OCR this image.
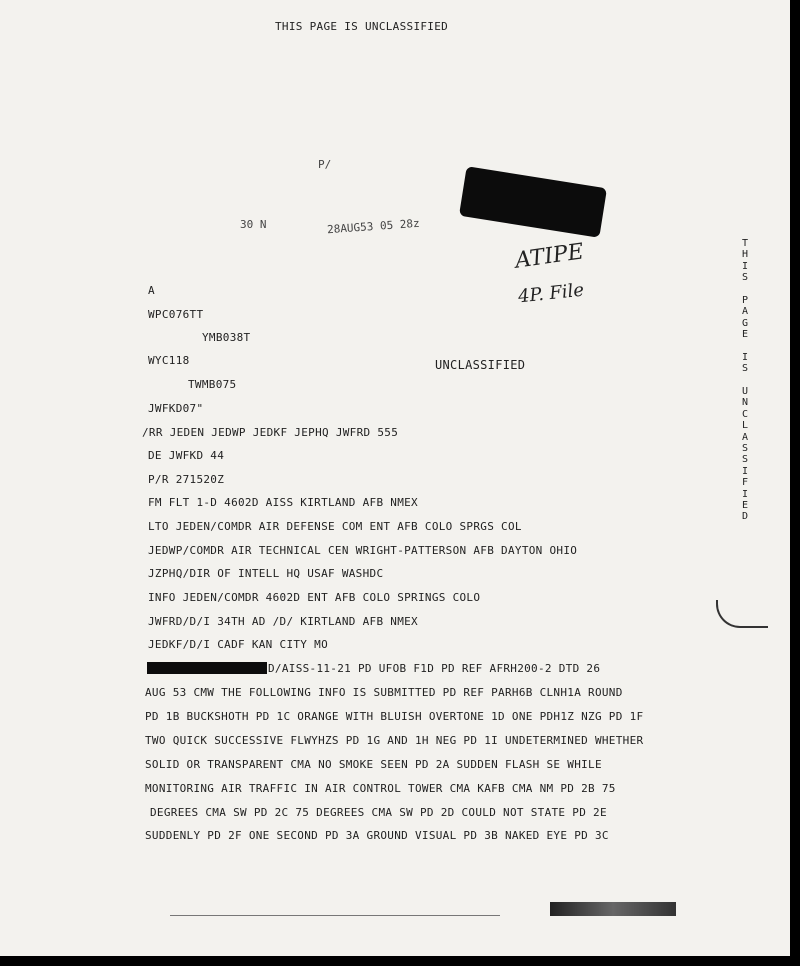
THIS PAGE IS UNCLASSIFIED
P/
30 N	28AUG53 05 28z
ATIPE
4P. File
UNCLASSIFIED
A
WPC076TT
YMB038T
WYC118
TWMB075
JWFKD07"
/RR JEDEN JEDWP JEDKF JEPHQ JWFRD 555
DE JWFKD 44
P/R 271520Z
FM FLT 1-D 4602D AISS KIRTLAND AFB NMEX
LTO JEDEN/COMDR AIR DEFENSE COM ENT AFB COLO SPRGS COL
JEDWP/COMDR AIR TECHNICAL CEN WRIGHT-PATTERSON AFB DAYTON OHIO
JZPHQ/DIR OF INTELL HQ USAF WASHDC
INFO JEDEN/COMDR 4602D ENT AFB COLO SPRINGS COLO
JWFRD/D/I 34TH AD /D/ KIRTLAND AFB NMEX
JEDKF/D/I CADF KAN CITY MO
D/AISS-11-21 PD UFOB F1D PD REF AFRH200-2 DTD 26
AUG 53 CMW THE FOLLOWING INFO IS SUBMITTED PD REF PARH6B CLNH1A ROUND
PD 1B BUCKSHOTH PD 1C ORANGE WITH BLUISH OVERTONE 1D ONE PDH1Z NZG PD 1F
TWO QUICK SUCCESSIVE FLWYHZS PD 1G AND 1H NEG PD 1I UNDETERMINED WHETHER
SOLID OR TRANSPARENT CMA NO SMOKE SEEN PD 2A SUDDEN FLASH SE WHILE
MONITORING AIR TRAFFIC IN AIR CONTROL TOWER CMA KAFB CMA NM PD 2B 75
DEGREES CMA SW PD 2C 75 DEGREES CMA SW PD 2D COULD NOT STATE PD 2E
SUDDENLY PD 2F ONE SECOND PD 3A GROUND VISUAL PD 3B NAKED EYE PD 3C
T
H
I
S

P
A
G
E

I
S

U
N
C
L
A
S
S
I
F
I
E
D
